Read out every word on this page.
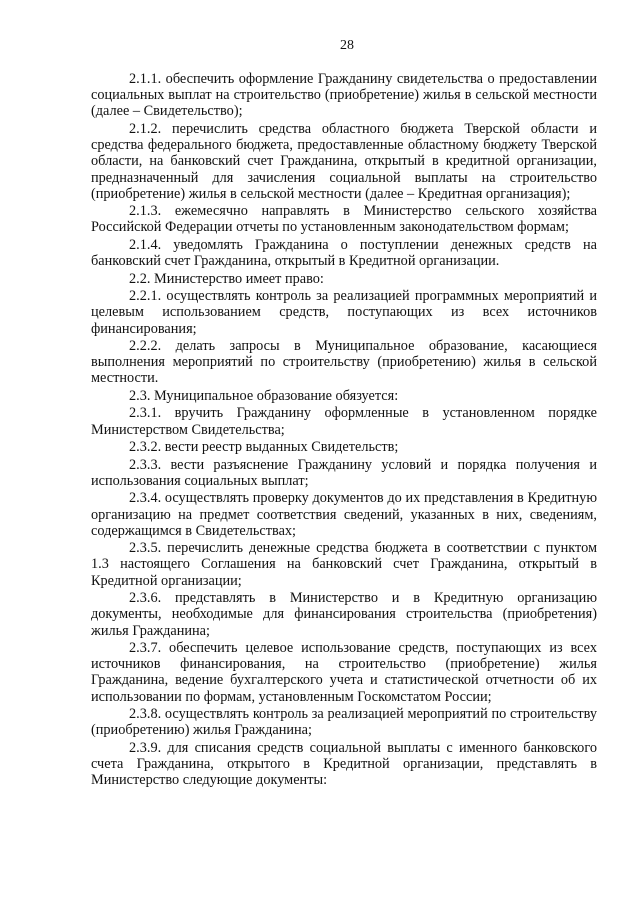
28

2.1.1. обеспечить оформление Гражданину свидетельства о предоставлении социальных выплат на строительство (приобретение) жилья в сельской местности (далее – Свидетельство);

2.1.2. перечислить средства областного бюджета Тверской области и средства федерального бюджета, предоставленные областному бюджету Тверской области, на банковский счет Гражданина, открытый в кредитной организации, предназначенный для зачисления социальной выплаты на строительство (приобретение) жилья в сельской местности (далее – Кредитная организация);

2.1.3. ежемесячно направлять в Министерство сельского хозяйства Российской Федерации отчеты по установленным законодательством формам;

2.1.4. уведомлять Гражданина о поступлении денежных средств на банковский счет Гражданина, открытый в Кредитной организации.

2.2. Министерство имеет право:

2.2.1. осуществлять контроль за реализацией программных мероприятий и целевым использованием средств, поступающих из всех источников финансирования;

2.2.2. делать запросы в Муниципальное образование, касающиеся выполнения мероприятий по строительству (приобретению) жилья в сельской местности.

2.3. Муниципальное образование обязуется:

2.3.1. вручить Гражданину оформленные в установленном порядке Министерством Свидетельства;

2.3.2. вести реестр выданных Свидетельств;

2.3.3. вести разъяснение Гражданину условий и порядка получения и использования социальных выплат;

2.3.4. осуществлять проверку документов до их представления в Кредитную организацию на предмет соответствия сведений, указанных в них, сведениям, содержащимся в Свидетельствах;

2.3.5. перечислить денежные средства бюджета в соответствии с пунктом 1.3 настоящего Соглашения на банковский счет Гражданина, открытый в Кредитной организации;

2.3.6. представлять в Министерство и в Кредитную организацию документы, необходимые для финансирования строительства (приобретения) жилья Гражданина;

2.3.7. обеспечить целевое использование средств, поступающих из всех источников финансирования, на строительство (приобретение) жилья Гражданина, ведение бухгалтерского учета и статистической отчетности об их использовании по формам, установленным Госкомстатом России;

2.3.8. осуществлять контроль за реализацией мероприятий по строительству (приобретению) жилья Гражданина;

2.3.9. для списания средств социальной выплаты с именного банковского счета Гражданина, открытого в Кредитной организации, представлять в Министерство следующие документы:
